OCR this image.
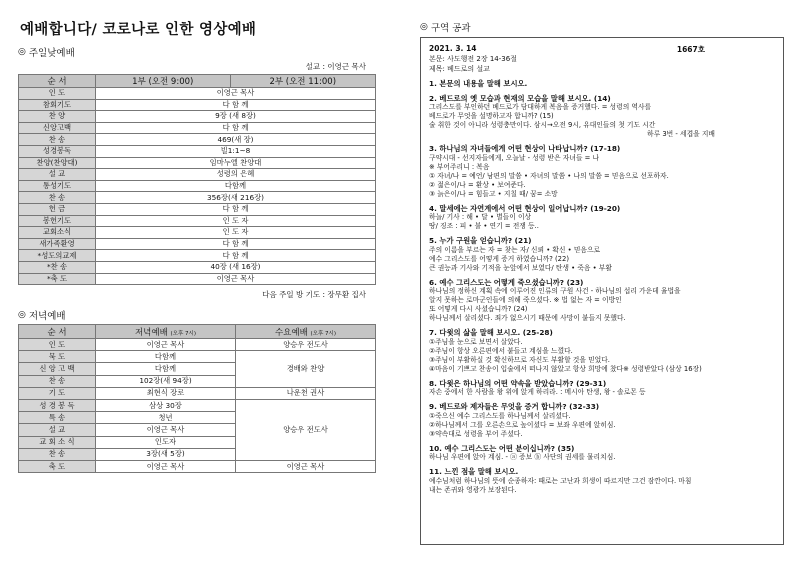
예배합니다/ 코로나로 인한 영상예배
◎ 주일낮예배
설교 : 이영근 목사
순 서	1부 (오전 9:00)	2부 (오전 11:00)
인 도	이영근 목사	
참회기도	다 함 께	
찬 양	9장 (새 8장)	
신앙고백	다 함 께	
찬 송	469(새 장)	
성경봉독	빌1:1~8	
찬양(찬양대)	임마누엘 찬양대	
설 교	성령의 은혜	
통성기도	다함께	
찬 송	356장(새 216장)	
헌 금	다 함 께	
봉헌기도	인 도 자	
교회소식	인 도 자	
새가족환영	다 함 께	
*성도의교제	다 함 께	
*찬 송	40장 (새 16장)	
*축 도	이영근 목사	
다음 주일 방 기도 : 장무환 집사
◎ 저녁예배
순 서	저녁예배 (오후 7시)	수요예배 (오후 7시)
인 도	이영근 목사	양승우 전도사
묵 도	다함께	경배와 찬양
신 앙 고 백	다함께	
찬 송	102장(새 94장)	
기 도	최현식 장로	나운천 권사
성 경 봉 독	삼상 30장	양승우 전도사
특 송	청년	
설 교	이영근 목사	
교 회 소 식	인도자	
찬 송	3장(새 5장)	
축 도	이영근 목사	이영근 목사
◎ 구역 공과
2021. 3. 14	1667호
본문: 사도행전 2장 14-36절
제목: 베드로의 설교
1. 본문의 내용을 말해 보시오.
2. 베드로의 옛 모습과 현재의 모습을 말해 보시오. (14)
그리스도를 부인하던 베드로가 담대하게 복음을 증거했다. = 성령의 역사를
베드로가 무엇을 설명하고자 합니까? (15)
술 취한 것이 아니라 성령충만이다. 삼시→오전 9시, 유대인들의 첫 기도 시간
하루 3번 - 세겹을 지배
3. 하나님의 자녀들에게 어떤 현상이 나타납니까? (17-18)
구약시대 - 선지자들에게, 오늘날 - 성령 받은 자녀들 = 나
※ 부어주리니 : 복음
① 자녀/나 = 예언/ 남편의 말씀 • 자녀의 말씀 • 나의 말씀 = 믿음으로 선포하자.
② 젊은이/나 = 환상 • 보여준다.
③ 늙은이/나 = 힘들고 • 지칠 때/ 꿈= 소망
4. 말세에는 자연계에서 어떤 현상이 일어납니까? (19-20)
하늘/ 기사 : 해 • 달 • 별들이 이상
땅/ 징조 : 피 • 불 • 연기 = 전쟁 등..
5. 누가 구원을 얻습니까? (21)
주의 이름을 부르는 자 = 찾는 자/ 신뢰 • 확신 • 믿음으로
예수 그리스도를 어떻게 증거 하였습니까? (22)
큰 권능과 기사와 기적을 눈앞에서 보였다/ 탄생 • 죽음 • 부활
6. 예수 그리스도는 어떻게 죽으셨습니까? (23)
하나님의 정하신 계획 속에 이루어진 인류의 구원 사건 - 하나님의 섭리 가운데 율법을
알지 못하는 로마군인들에 의해 죽으셨다. ※ 법 없는 자 = 이방인
또 어떻게 다시 사셨습니까? (24)
하나님께서 살리셨다. 죄가 없으시기 때문에 사망이 붙들지 못했다.
7. 다윗의 삶을 말해 보시오. (25-28)
①주님을 눈으로 보면서 살았다.
②주님이 항상 오른편에서 붙들고 계심을 느꼈다.
③주님이 부활하실 것 확신하므로 자신도 부활할 것을 믿었다.
④마음이 기쁘고 찬송이 입술에서 떠나지 않았고 항상 희망에 찼다※ 성령받았다 (삼상 16장)
8. 다윗은 하나님의 어떤 약속을 받았습니까? (29-31)
자손 중에서 한 사람을 왕 위에 앉게 하리라. : 메시아 탄생, 왕 - 솔로몬 등
9. 베드로와 제자들은 무엇을 증거 합니까? (32-33)
①죽으신 예수 그리스도를 하나님께서 살리셨다.
②하나님께서 그를 오른손으로 높이셨다 = 보좌 우편에 앉히심.
③약속대로 성령을 부어 주셨다.
10. 예수 그리스도는 어떤 분이십니까? (35)
하나님 우편에 앉아 계심. - ⓐ 증보 ⓑ 사단의 권세를 물리치심.
11. 느낀 점을 말해 보시오.
예수님처럼 하나님의 뜻에 순종하자: 때로는 고난과 희생이 따르지만 그건 잠깐이다. 마침
내는 존귀와 영광가 보장된다.
